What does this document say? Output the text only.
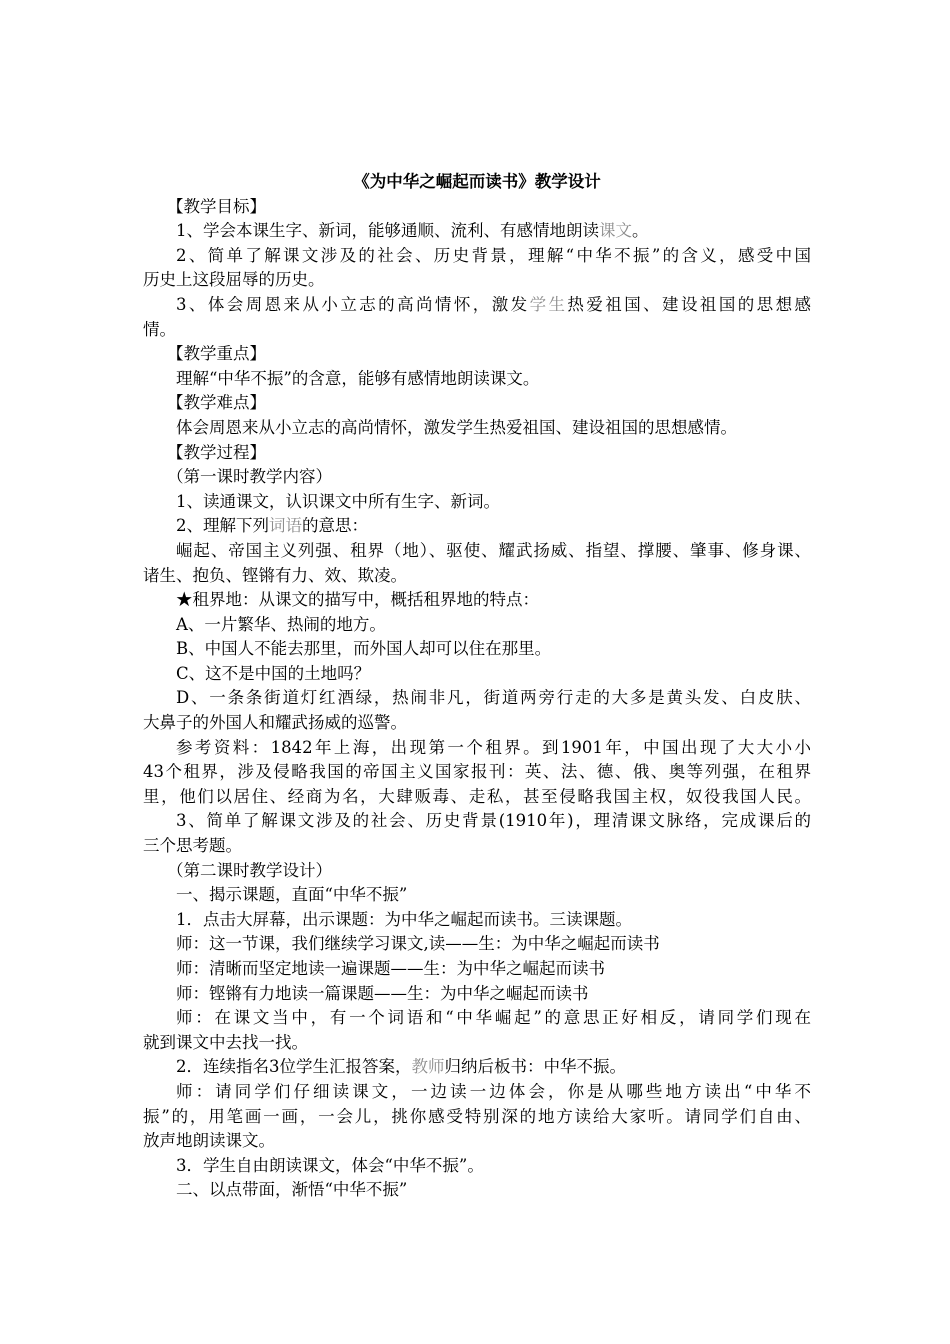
《为中华之崛起而读书》教学设计

【教学目标】

1、学会本课生字、新词，能够通顺、流利、有感情地朗读课文。

2、简单了解课文涉及的社会、历史背景，理解“中华不振”的含义，感受中国

历史上这段屈辱的历史。

3、体会周恩来从小立志的高尚情怀，激发学生热爱祖国、建设祖国的思想感

情。

【教学重点】

理解“中华不振”的含意，能够有感情地朗读课文。

【教学难点】

体会周恩来从小立志的高尚情怀，激发学生热爱祖国、建设祖国的思想感情。

【教学过程】

（第一课时教学内容）

1、读通课文，认识课文中所有生字、新词。

2、理解下列词语的意思：

崛起、帝国主义列强、租界（地）、驱使、耀武扬威、指望、撑腰、肇事、修身课、

诸生、抱负、铿锵有力、效、欺凌。

★租界地：从课文的描写中，概括租界地的特点：

A、一片繁华、热闹的地方。

B、中国人不能去那里，而外国人却可以住在那里。

C、这不是中国的土地吗？

D、一条条街道灯红酒绿，热闹非凡，街道两旁行走的大多是黄头发、白皮肤、

大鼻子的外国人和耀武扬威的巡警。

参考资料：1842年上海，出现第一个租界。到1901年，中国出现了大大小小

43个租界，涉及侵略我国的帝国主义国家报刊：英、法、德、俄、奥等列强，在租界

里，他们以居住、经商为名，大肆贩毒、走私，甚至侵略我国主权，奴役我国人民。

3、简单了解课文涉及的社会、历史背景(1910年)，理清课文脉络，完成课后的

三个思考题。

（第二课时教学设计）

一、揭示课题，直面“中华不振”

1．点击大屏幕，出示课题：为中华之崛起而读书。三读课题。

师：这一节课，我们继续学习课文,读——生：为中华之崛起而读书

师：清晰而坚定地读一遍课题——生：为中华之崛起而读书

师：铿锵有力地读一篇课题——生：为中华之崛起而读书

师：在课文当中，有一个词语和“中华崛起”的意思正好相反，请同学们现在

就到课文中去找一找。

2．连续指名3位学生汇报答案，教师归纳后板书：中华不振。

师：请同学们仔细读课文，一边读一边体会，你是从哪些地方读出“中华不

振”的，用笔画一画，一会儿，挑你感受特别深的地方读给大家听。请同学们自由、

放声地朗读课文。

3．学生自由朗读课文，体会“中华不振”。

二、以点带面，渐悟“中华不振”
